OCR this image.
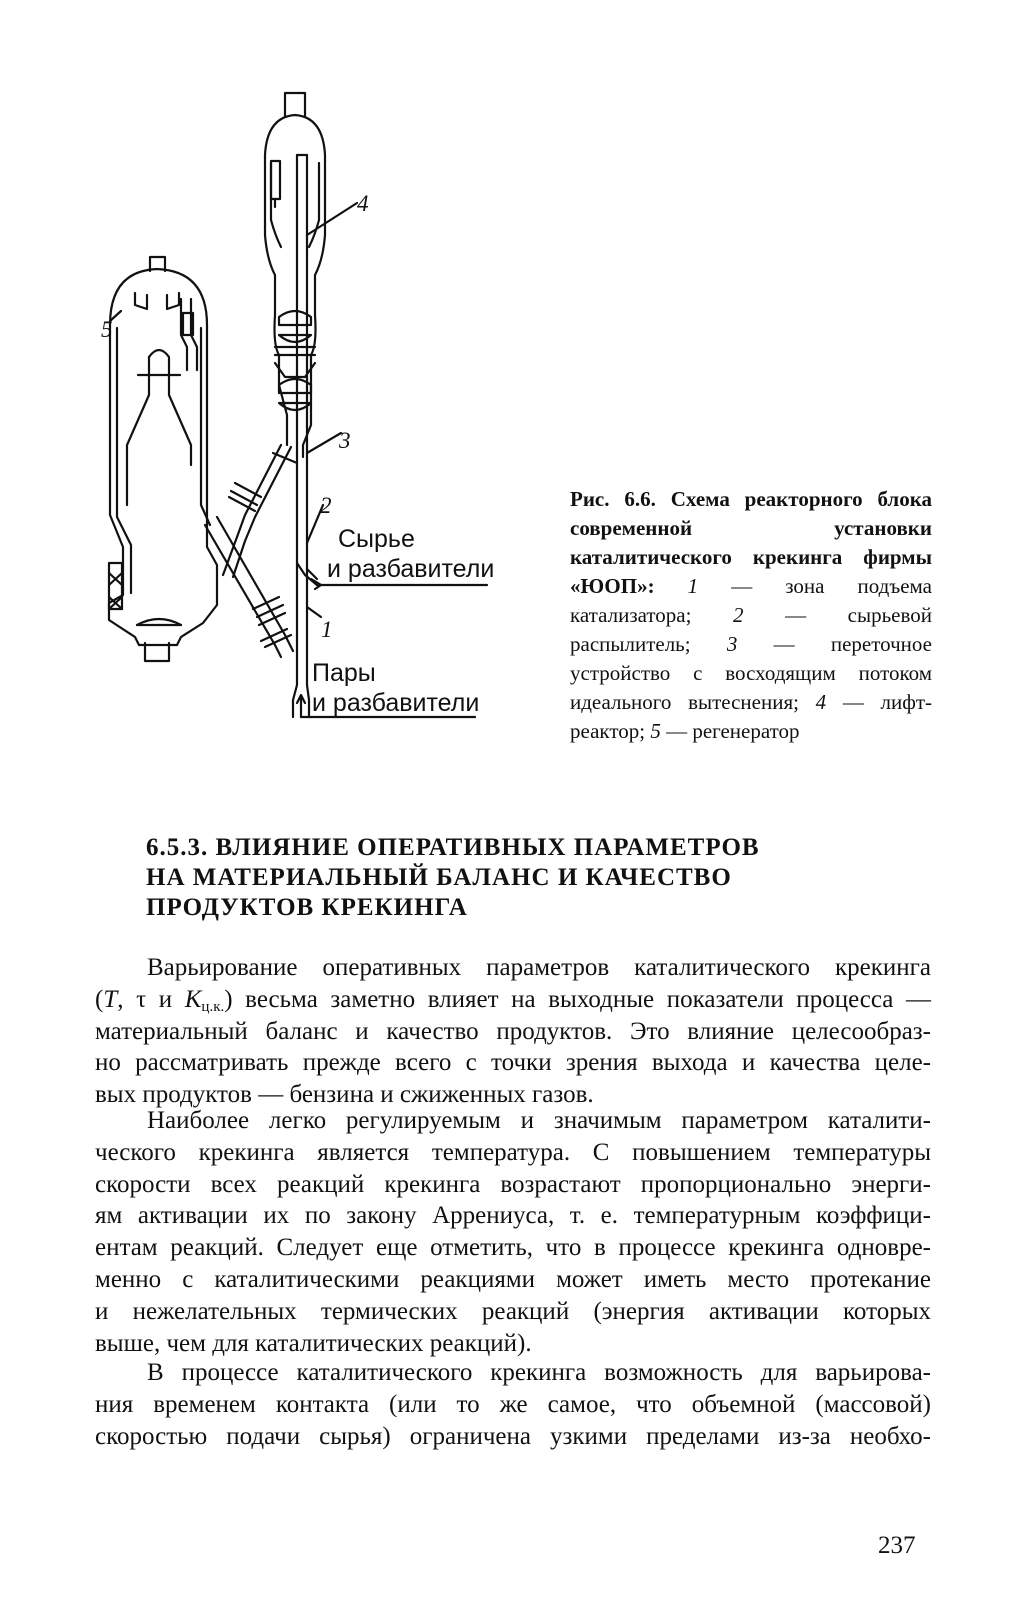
4
3
2
1
5
Сырье
и разбавители
Пары
и разбавители
Рис. 6.6. Схема реакторного блока современной установки каталитического крекинга фирмы «ЮОП»: 1 — зона подъема катализатора; 2 — сырьевой распылитель; 3 — переточное устройство с восходящим потоком идеального вытеснения; 4 — лифт-реактор; 5 — регенератор
6.5.3. ВЛИЯНИЕ ОПЕРАТИВНЫХ ПАРАМЕТРОВ
НА МАТЕРИАЛЬНЫЙ БАЛАНС И КАЧЕСТВО
ПРОДУКТОВ КРЕКИНГА
Варьирование оперативных параметров каталитического крекинга
(T, τ и $K_{ц.к.}$) весьма заметно влияет на выходные показатели процесса —
материальный баланс и качество продуктов. Это влияние целесообраз-
но рассматривать прежде всего с точки зрения выхода и качества целе-
вых продуктов — бензина и сжиженных газов.
Наиболее легко регулируемым и значимым параметром каталити-
ческого крекинга является температура. С повышением температуры
скорости всех реакций крекинга возрастают пропорционально энерги-
ям активации их по закону Аррениуса, т. е. температурным коэффици-
ентам реакций. Следует еще отметить, что в процессе крекинга одновре-
менно с каталитическими реакциями может иметь место протекание
и нежелательных термических реакций (энергия активации которых
выше, чем для каталитических реакций).
В процессе каталитического крекинга возможность для варьирова-
ния временем контакта (или то же самое, что объемной (массовой)
скоростью подачи сырья) ограничена узкими пределами из-за необхо-
237
